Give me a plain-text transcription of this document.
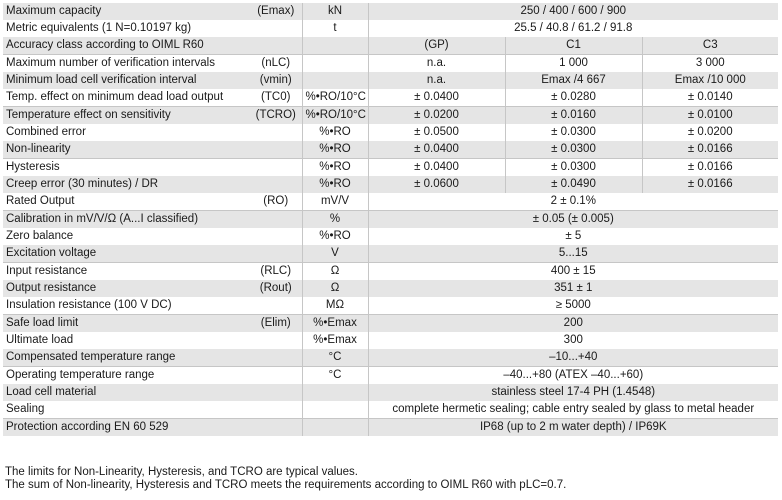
Maximum capacity	(Emax)	kN	250 / 400 / 600 / 900		
Metric equivalents (1 N=0.10197 kg)		t	25.5 / 40.8 / 61.2 / 91.8		
Accuracy class according to OIML R60			(GP)	C1	C3
Maximum number of verification intervals	(nLC)		n.a.	1 000	3 000
Minimum load cell verification interval	(vmin)		n.a.	Emax /4 667	Emax /10 000
Temp. effect on minimum dead load output	(TC0)	%•RO/10°C	± 0.0400	± 0.0280	± 0.0140
Temperature effect on sensitivity	(TCRO)	%•RO/10°C	± 0.0200	± 0.0160	± 0.0100
Combined error		%•RO	± 0.0500	± 0.0300	± 0.0200
Non-linearity		%•RO	± 0.0400	± 0.0300	± 0.0166
Hysteresis		%•RO	± 0.0400	± 0.0300	± 0.0166
Creep error (30 minutes) / DR		%•RO	± 0.0600	± 0.0490	± 0.0166
Rated Output	(RO)	mV/V	2 ± 0.1%		
Calibration in mV/V/Ω (A...I classified)		%	± 0.05 (± 0.005)		
Zero balance		%•RO	± 5		
Excitation voltage		V	5...15		
Input resistance	(RLC)	Ω	400 ± 15		
Output resistance	(Rout)	Ω	351 ± 1		
Insulation resistance (100 V DC)		MΩ	≥ 5000		
Safe load limit	(Elim)	%•Emax	200		
Ultimate load		%•Emax	300		
Compensated temperature range		°C	–10...+40		
Operating temperature range		°C	–40...+80 (ATEX –40...+60)		
Load cell material			stainless steel 17-4 PH (1.4548)		
Sealing			complete hermetic sealing; cable entry sealed by glass to metal header		
Protection according EN 60 529			IP68 (up to 2 m water depth) / IP69K		

The limits for Non-Linearity, Hysteresis, and TCRO are typical values.

The sum of Non-linearity, Hysteresis and TCRO meets the requirements according to OIML R60 with pLC=0.7.
